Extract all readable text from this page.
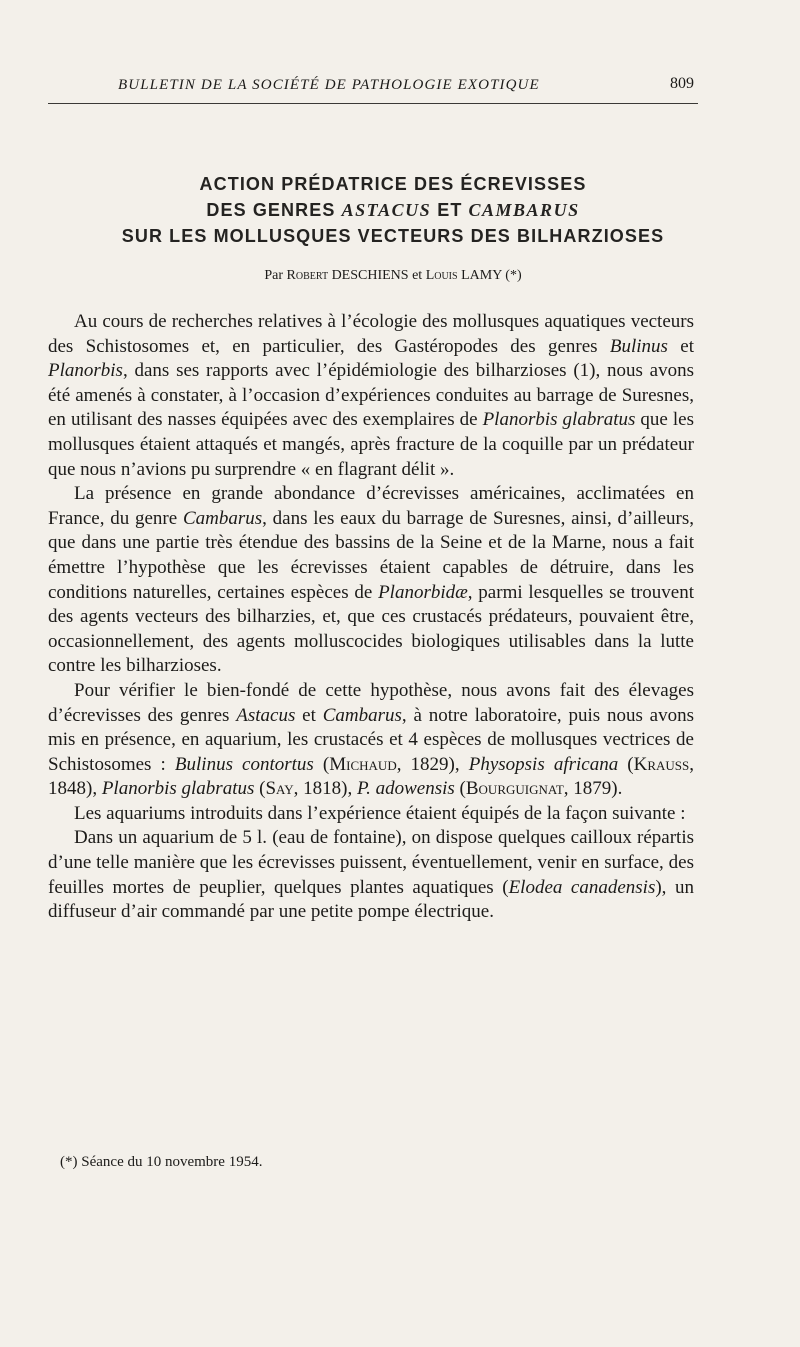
BULLETIN DE LA SOCIÉTÉ DE PATHOLOGIE EXOTIQUE	809
ACTION PRÉDATRICE DES ÉCREVISSES
DES GENRES ASTACUS ET CAMBARUS
SUR LES MOLLUSQUES VECTEURS DES BILHARZIOSES
Par Robert DESCHIENS et Louis LAMY (*)

Au cours de recherches relatives à l’écologie des mollusques aquatiques vecteurs des Schistosomes et, en particulier, des Gastéropodes des genres Bulinus et Planorbis, dans ses rapports avec l’épidémiologie des bilharzioses (1), nous avons été amenés à constater, à l’occasion d’expériences conduites au barrage de Suresnes, en utilisant des nasses équipées avec des exemplaires de Planorbis glabratus que les mollusques étaient attaqués et mangés, après fracture de la coquille par un prédateur que nous n’avions pu surprendre « en flagrant délit ».

La présence en grande abondance d’écrevisses américaines, acclimatées en France, du genre Cambarus, dans les eaux du barrage de Suresnes, ainsi, d’ailleurs, que dans une partie très étendue des bassins de la Seine et de la Marne, nous a fait émettre l’hypothèse que les écrevisses étaient capables de détruire, dans les conditions naturelles, certaines espèces de Planorbidæ, parmi lesquelles se trouvent des agents vecteurs des bilharzies, et, que ces crustacés prédateurs, pouvaient être, occasionnellement, des agents molluscocides biologiques utilisables dans la lutte contre les bilharzioses.

Pour vérifier le bien-fondé de cette hypothèse, nous avons fait des élevages d’écrevisses des genres Astacus et Cambarus, à notre laboratoire, puis nous avons mis en présence, en aquarium, les crustacés et 4 espèces de mollusques vectrices de Schistosomes : Bulinus contortus (Michaud, 1829), Physopsis africana (Krauss, 1848), Planorbis glabratus (Say, 1818), P. adowensis (Bourguignat, 1879).

Les aquariums introduits dans l’expérience étaient équipés de la façon suivante :

Dans un aquarium de 5 l. (eau de fontaine), on dispose quelques cailloux répartis d’une telle manière que les écrevisses puissent, éventuellement, venir en surface, des feuilles mortes de peuplier, quelques plantes aquatiques (Elodea canadensis), un diffuseur d’air commandé par une petite pompe électrique.

(*) Séance du 10 novembre 1954.
